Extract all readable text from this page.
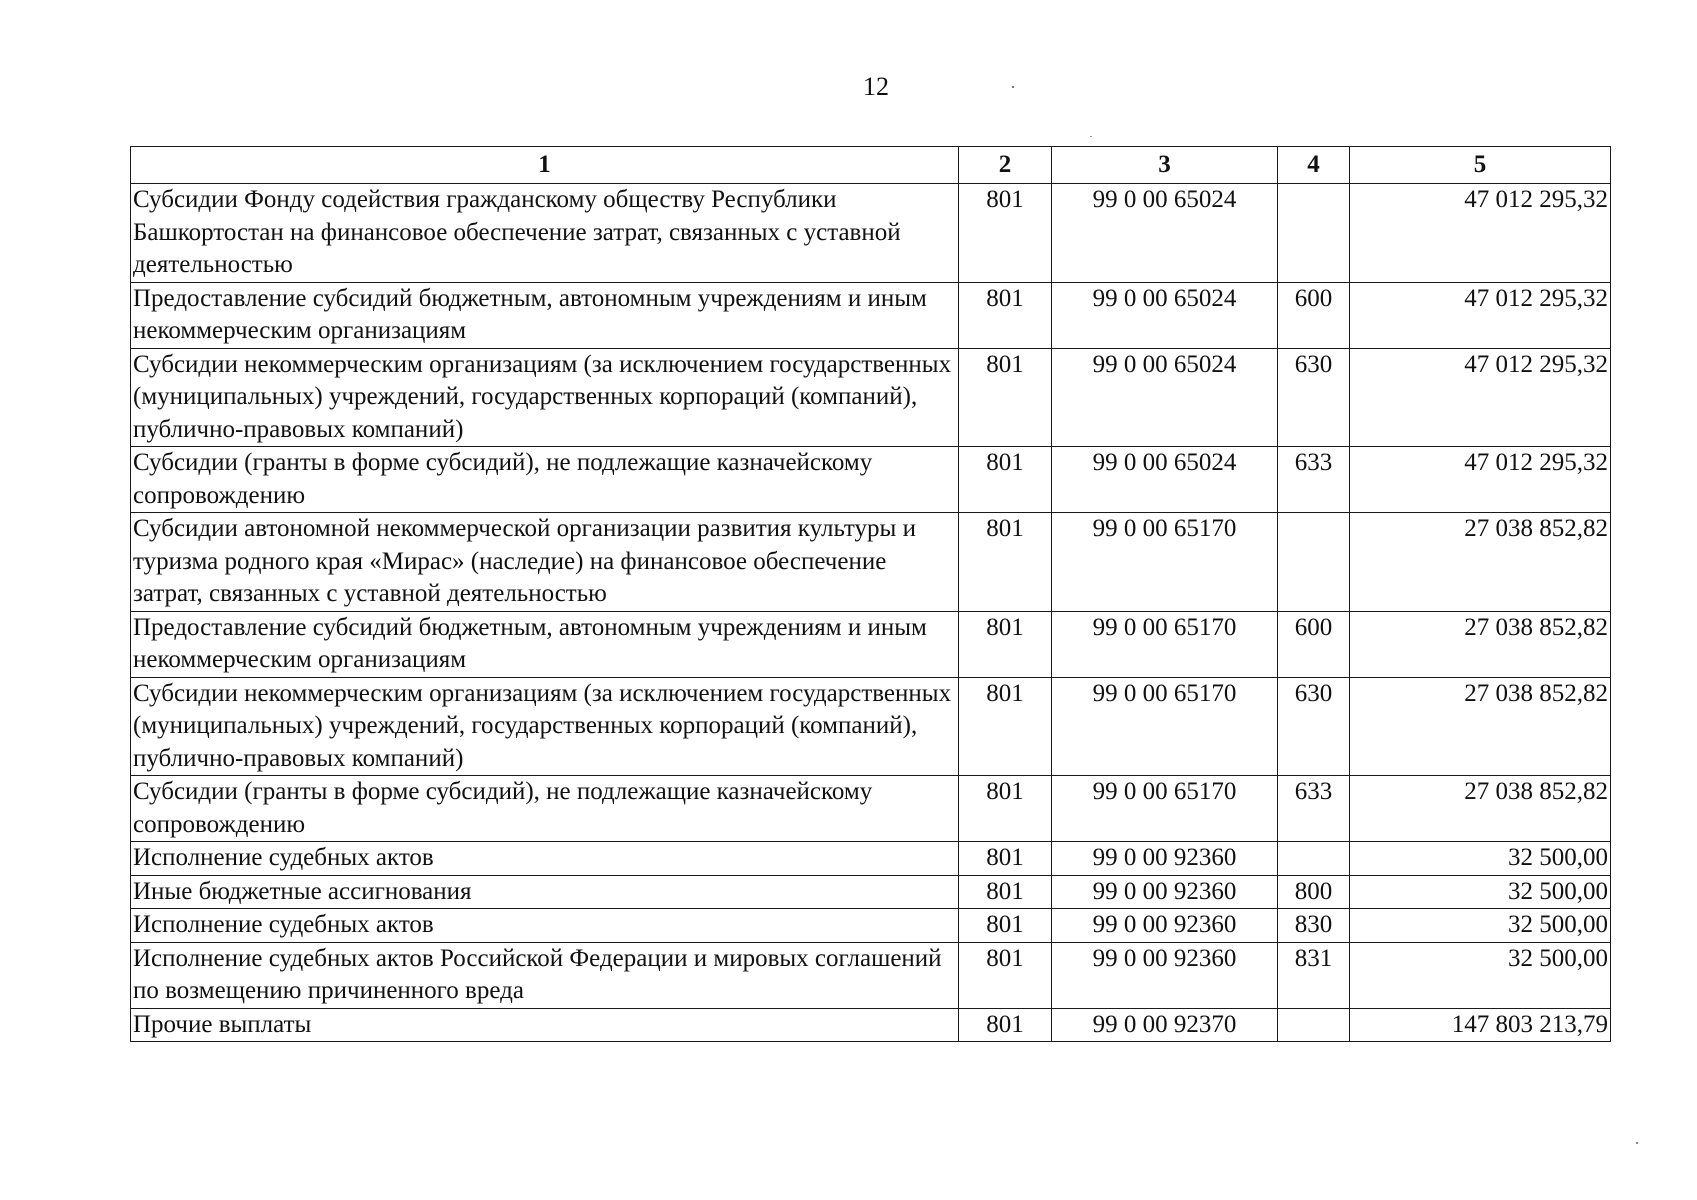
12
1	2	3	4	5
Субсидии Фонду содействия гражданскому обществу Республики Башкортостан на финансовое обеспечение затрат, связанных с уставной деятельностью	801	99 0 00 65024		47 012 295,32
Предоставление субсидий бюджетным, автономным учреждениям и иным некоммерческим организациям	801	99 0 00 65024	600	47 012 295,32
Субсидии некоммерческим организациям (за исключением государственных (муниципальных) учреждений, государственных корпораций (компаний), публично-правовых компаний)	801	99 0 00 65024	630	47 012 295,32
Субсидии (гранты в форме субсидий), не подлежащие казначейскому сопровождению	801	99 0 00 65024	633	47 012 295,32
Субсидии автономной некоммерческой организации развития культуры и туризма родного края «Мирас» (наследие) на финансовое обеспечение затрат, связанных с уставной деятельностью	801	99 0 00 65170		27 038 852,82
Предоставление субсидий бюджетным, автономным учреждениям и иным некоммерческим организациям	801	99 0 00 65170	600	27 038 852,82
Субсидии некоммерческим организациям (за исключением государственных (муниципальных) учреждений, государственных корпораций (компаний), публично-правовых компаний)	801	99 0 00 65170	630	27 038 852,82
Субсидии (гранты в форме субсидий), не подлежащие казначейскому сопровождению	801	99 0 00 65170	633	27 038 852,82
Исполнение судебных актов	801	99 0 00 92360		32 500,00
Иные бюджетные ассигнования	801	99 0 00 92360	800	32 500,00
Исполнение судебных актов	801	99 0 00 92360	830	32 500,00
Исполнение судебных актов Российской Федерации и мировых соглашений по возмещению причиненного вреда	801	99 0 00 92360	831	32 500,00
Прочие выплаты	801	99 0 00 92370		147 803 213,79
